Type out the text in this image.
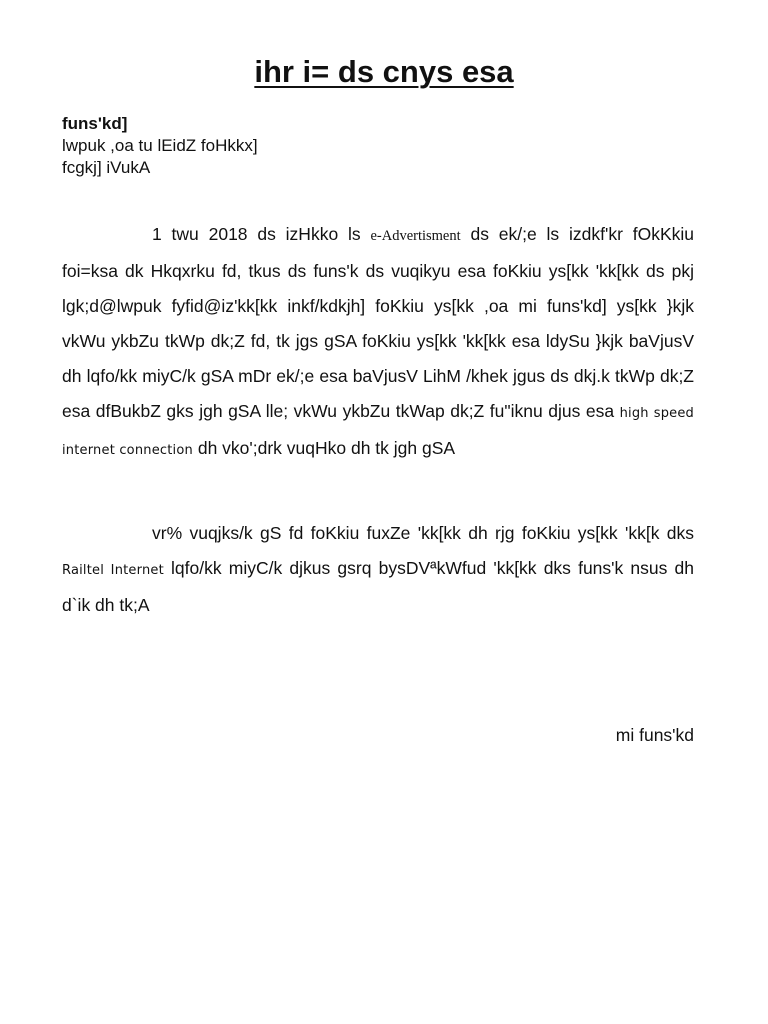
ihr i= ds cnys esa
funs'kd]
lwpuk ,oa tu lEidZ foHkkx]
fcgkj] iVukA

1 twu 2018 ds izHkko ls e-Advertisment ds ek/;e ls izdkf'kr fOkKkiu foi=ksa dk Hkqxrku fd, tkus ds funs'k ds vuqikyu esa foKkiu ys[kk 'kk[kk ds pkj lgk;d@lwpuk fyfid@iz'kk[kk inkf/kdkjh] foKkiu ys[kk ,oa mi funs'kd] ys[kk }kjk vkWu ykbZu tkWp dk;Z fd, tk jgs gSA foKkiu ys[kk 'kk[kk esa ldySu }kjk baVjusV dh lqfo/kk miyC/k gSA mDr ek/;e esa baVjusV LihM /khek jgus ds dkj.k tkWp dk;Z esa dfBukbZ gks jgh gSA lle; vkWu ykbZu tkWap dk;Z fu"iknu djus esa high speed internet connection dh vko';drk vuqHko dh tk jgh gSA

vr% vuqjks/k gS fd foKkiu fuxZe 'kk[kk dh rjg foKkiu ys[kk 'kk[k dks Railtel Internet lqfo/kk miyC/k djkus gsrq bysDVªkWfud 'kk[kk dks funs'k nsus dh d`ik dh tk;A

mi funs'kd
